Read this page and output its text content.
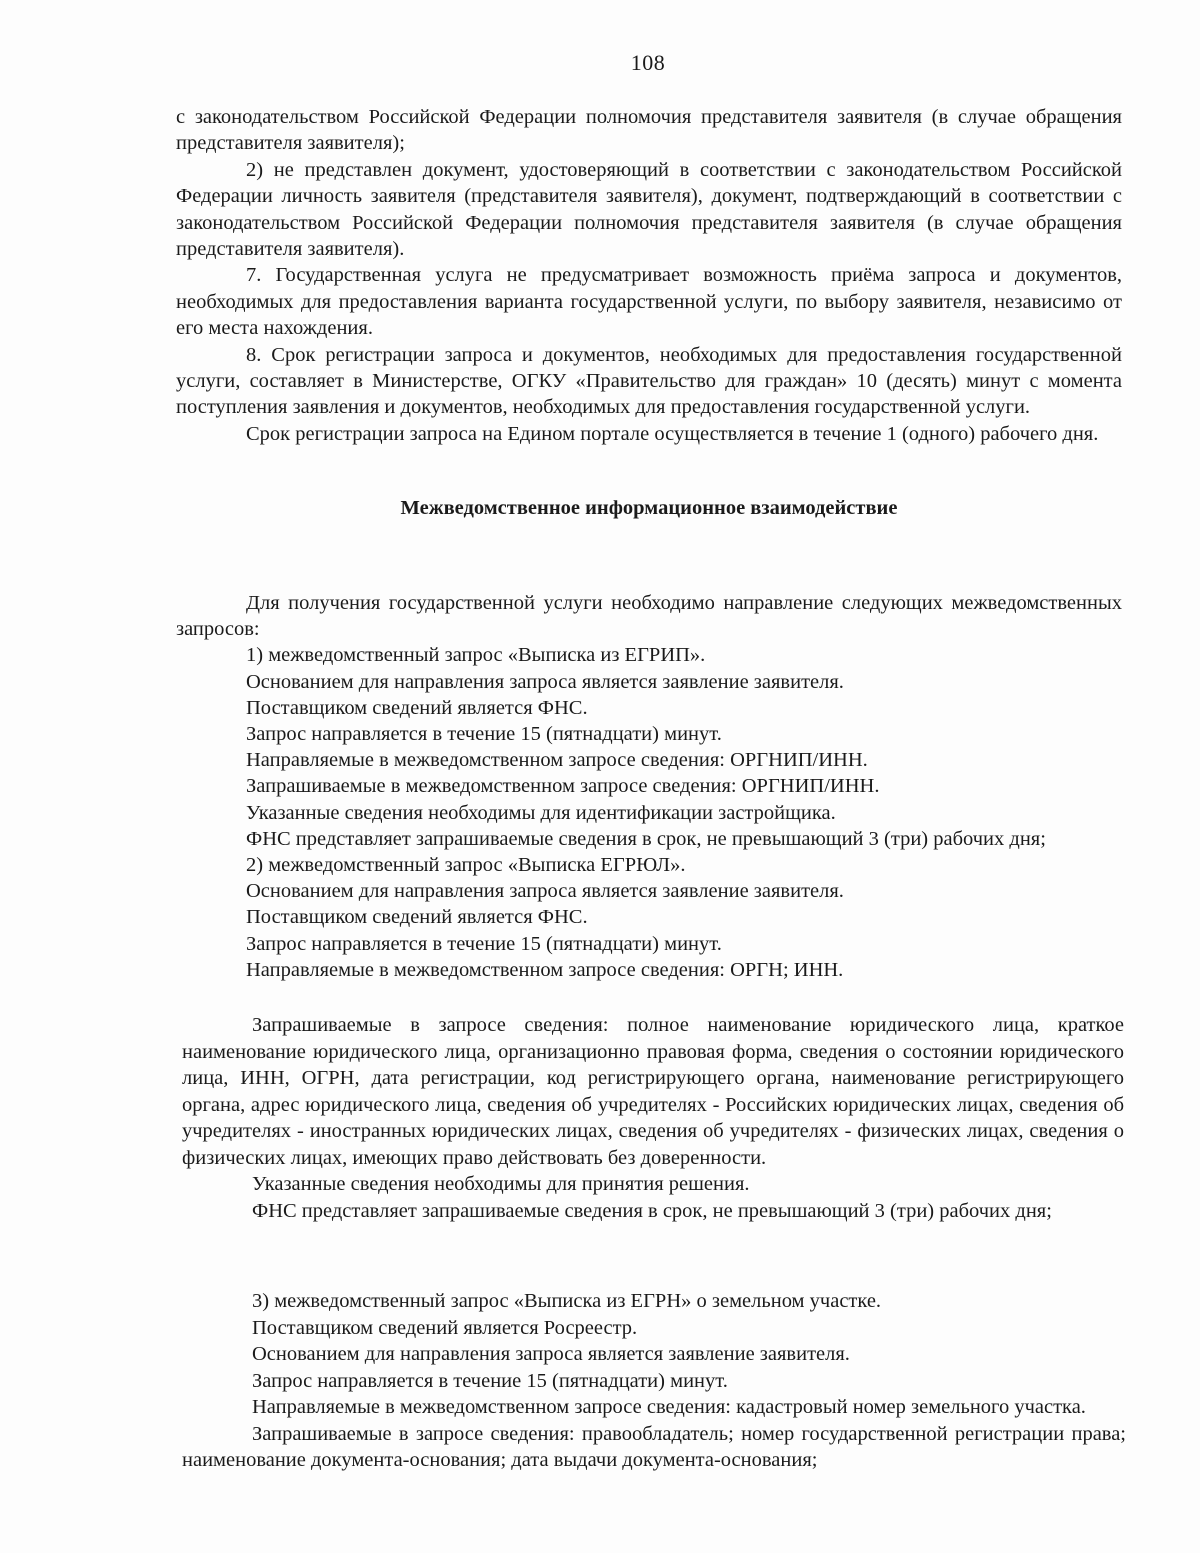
108

с законодательством Российской Федерации полномочия представителя заявителя (в случае обращения представителя заявителя);

2) не представлен документ, удостоверяющий в соответствии с законодательством Российской Федерации личность заявителя (представителя заявителя), документ, подтверждающий в соответствии с законодательством Российской Федерации полномочия представителя заявителя (в случае обращения представителя заявителя).

7. Государственная услуга не предусматривает возможность приёма запроса и документов, необходимых для предоставления варианта государственной услуги, по выбору заявителя, независимо от его места нахождения.

8. Срок регистрации запроса и документов, необходимых для предоставления государственной услуги, составляет в Министерстве, ОГКУ «Правительство для граждан» 10 (десять) минут с момента поступления заявления и документов, необходимых для предоставления государственной услуги.

Срок регистрации запроса на Едином портале осуществляется в течение 1 (одного) рабочего дня.

Межведомственное информационное взаимодействие

Для получения государственной услуги необходимо направление следующих межведомственных запросов:

1) межведомственный запрос «Выписка из ЕГРИП».

Основанием для направления запроса является заявление заявителя.

Поставщиком сведений является ФНС.

Запрос направляется в течение 15 (пятнадцати) минут.

Направляемые в межведомственном запросе сведения: ОРГНИП/ИНН.

Запрашиваемые в межведомственном запросе сведения: ОРГНИП/ИНН.

Указанные сведения необходимы для идентификации застройщика.

ФНС представляет запрашиваемые сведения в срок, не превышающий 3 (три) рабочих дня;

2) межведомственный запрос «Выписка ЕГРЮЛ».

Основанием для направления запроса является заявление заявителя.

Поставщиком сведений является ФНС.

Запрос направляется в течение 15 (пятнадцати) минут.

Направляемые в межведомственном запросе сведения: ОРГН; ИНН.

Запрашиваемые в запросе сведения: полное наименование юридического лица, краткое наименование юридического лица, организационно правовая форма, сведения о состоянии юридического лица, ИНН, ОГРН, дата регистрации, код регистрирующего органа, наименование регистрирующего органа, адрес юридического лица, сведения об учредителях - Российских юридических лицах, сведения об учредителях - иностранных юридических лицах, сведения об учредителях - физических лицах, сведения о физических лицах, имеющих право действовать без доверенности.

Указанные сведения необходимы для принятия решения.

ФНС представляет запрашиваемые сведения в срок, не превышающий 3 (три) рабочих дня;

3) межведомственный запрос «Выписка из ЕГРН» о земельном участке.

Поставщиком сведений является Росреестр.

Основанием для направления запроса является заявление заявителя.

Запрос направляется в течение 15 (пятнадцати) минут.

Направляемые в межведомственном запросе сведения: кадастровый номер земельного участка.

Запрашиваемые в запросе сведения: правообладатель; номер государственной регистрации права; наименование документа-основания; дата выдачи документа-основания;
